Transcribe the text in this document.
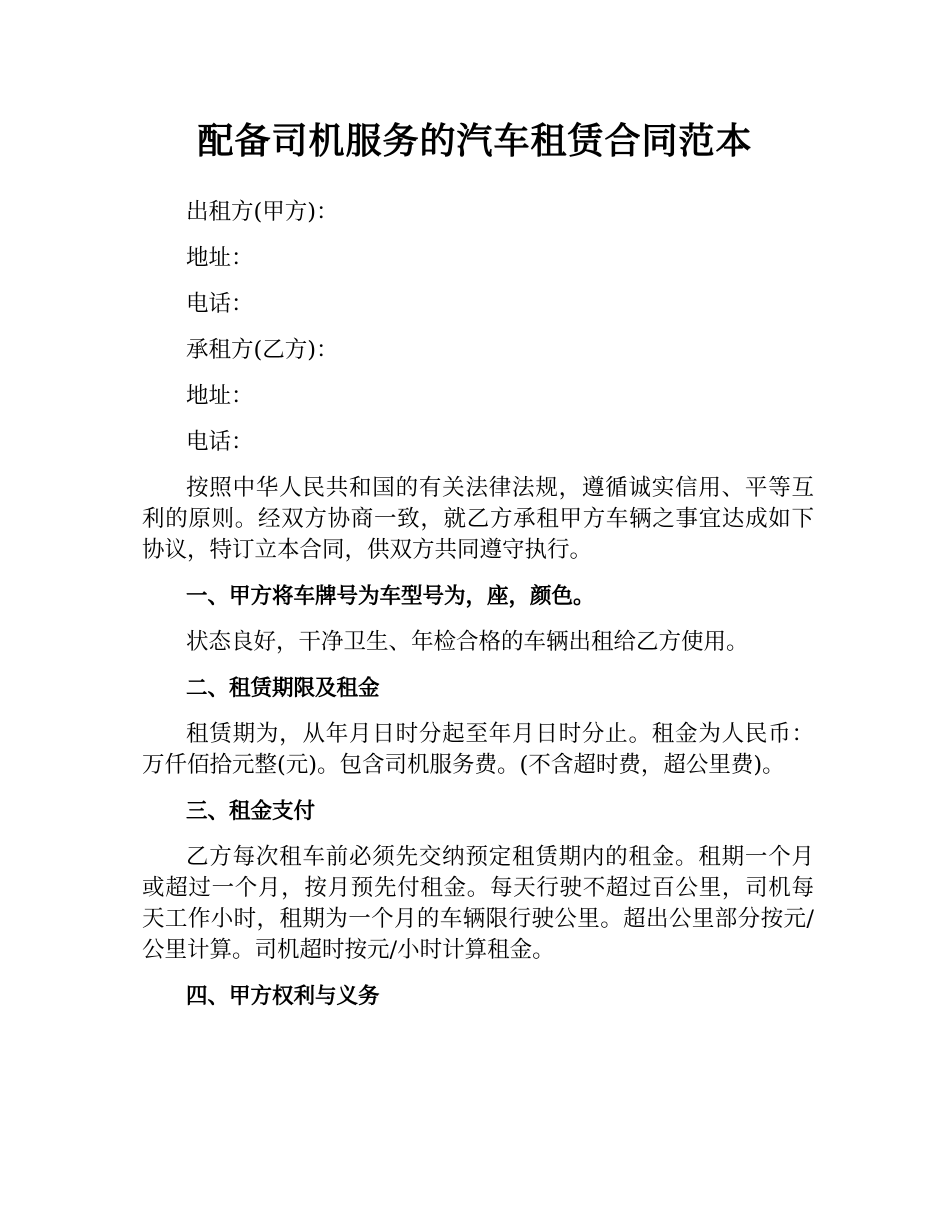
配备司机服务的汽车租赁合同范本

出租方(甲方)：

地址：

电话：

承租方(乙方)：

地址：

电话：

按照中华人民共和国的有关法律法规，遵循诚实信用、平等互利的原则。经双方协商一致，就乙方承租甲方车辆之事宜达成如下协议，特订立本合同，供双方共同遵守执行。

一、甲方将车牌号为车型号为，座，颜色。

状态良好，干净卫生、年检合格的车辆出租给乙方使用。

二、租赁期限及租金

租赁期为，从年月日时分起至年月日时分止。租金为人民币：万仟佰拾元整(元)。包含司机服务费。(不含超时费，超公里费)。

三、租金支付

乙方每次租车前必须先交纳预定租赁期内的租金。租期一个月或超过一个月，按月预先付租金。每天行驶不超过百公里，司机每天工作小时，租期为一个月的车辆限行驶公里。超出公里部分按元/公里计算。司机超时按元/小时计算租金。

四、甲方权利与义务
